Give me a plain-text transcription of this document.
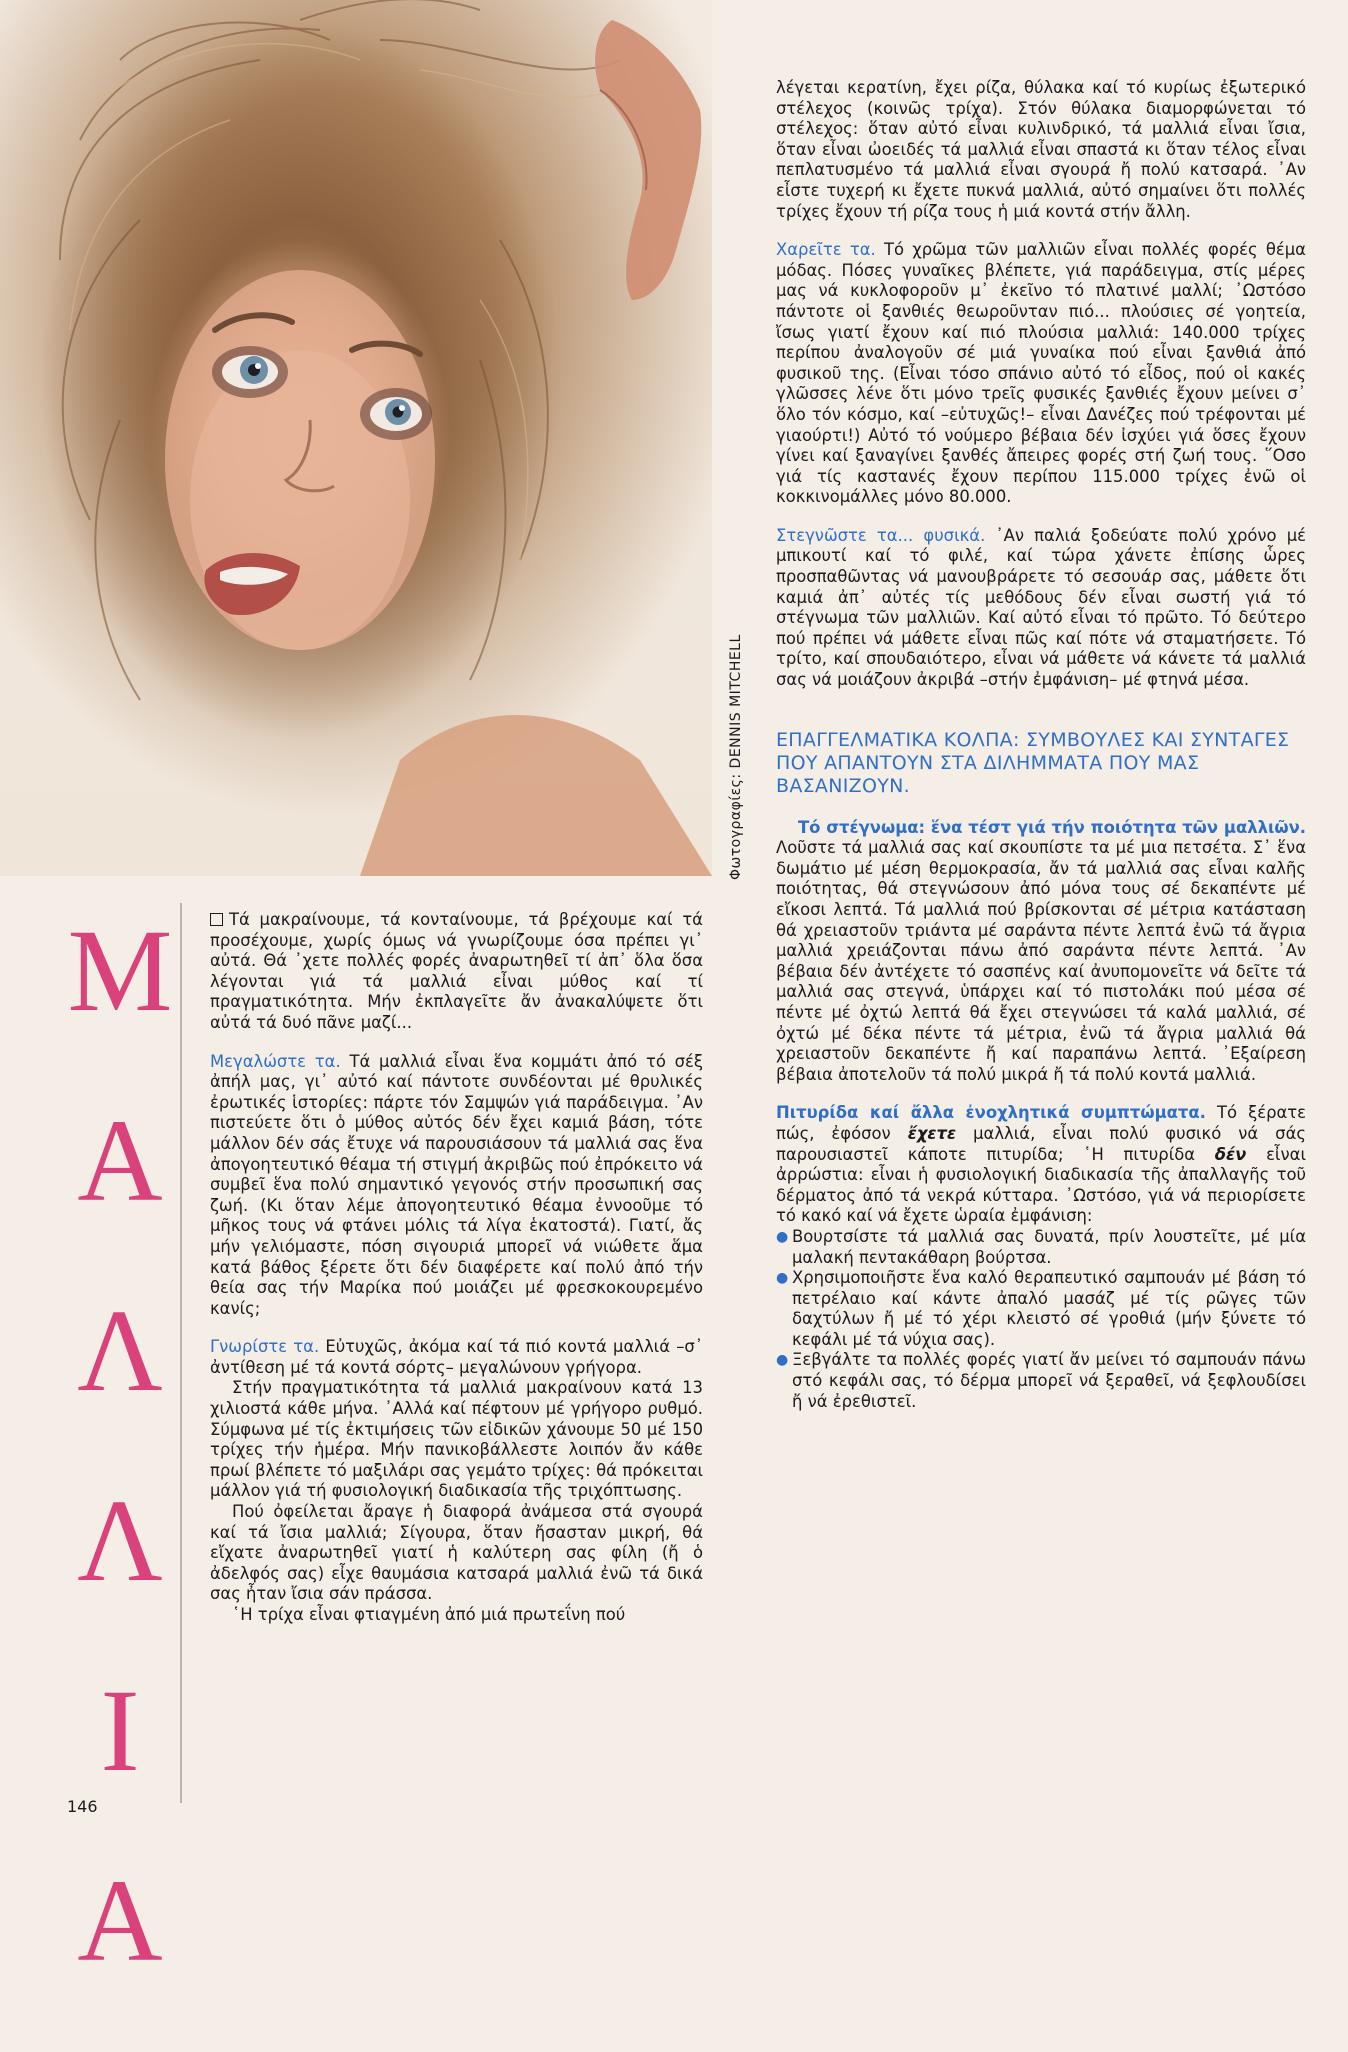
Φωτογραφίες: DENNIS MITCHELL
Μ
Α
Λ
Λ
Ι
Α

Τά μακραίνουμε, τά κονταίνουμε, τά βρέχουμε καί τά προσέχουμε, χωρίς όμως νά γνωρίζουμε όσα πρέπει γι᾽ αὐτά. Θά ᾽χετε πολλές φορές ἀναρωτηθεῖ τί ἀπ᾽ ὅλα ὅσα λέγονται γιά τά μαλλιά εἶναι μύθος καί τί πραγματικότητα. Μήν ἐκπλαγεῖτε ἄν ἀνακαλύψετε ὅτι αὐτά τά δυό πᾶνε μαζί...

Μεγαλώστε τα. Τά μαλλιά εἶναι ἕνα κομμάτι ἀπό τό σέξ ἀπήλ μας, γι᾽ αὐτό καί πάντοτε συνδέονται μέ θρυλικές ἐρωτικές ἱστορίες: πάρτε τόν Σαμψών γιά παράδειγμα. ᾽Αν πιστεύετε ὅτι ὁ μύθος αὐτός δέν ἔχει καμιά βάση, τότε μάλλον δέν σάς ἔτυχε νά παρουσιάσουν τά μαλλιά σας ἕνα ἀπογοητευτικό θέαμα τή στιγμή ἀκριβῶς πού ἐπρόκειτο νά συμβεῖ ἕνα πολύ σημαντικό γεγονός στήν προσωπική σας ζωή. (Κι ὅταν λέμε ἀπογοητευτικό θέαμα ἐννοοῦμε τό μῆκος τους νά φτάνει μόλις τά λίγα ἑκατοστά). Γιατί, ἄς μήν γελιόμαστε, πόση σιγουριά μπορεῖ νά νιώθετε ἅμα κατά βάθος ξέρετε ὅτι δέν διαφέρετε καί πολύ ἀπό τήν θεία σας τήν Μαρίκα πού μοιάζει μέ φρεσκοκουρεμένο κανίς;

Γνωρίστε τα. Εὐτυχῶς, ἀκόμα καί τά πιό κοντά μαλλιά –σ᾽ ἀντίθεση μέ τά κοντά σόρτς– μεγαλώνουν γρήγορα.

Στήν πραγματικότητα τά μαλλιά μακραίνουν κατά 13 χιλιοστά κάθε μήνα. ᾽Αλλά καί πέφτουν μέ γρήγορο ρυθμό. Σύμφωνα μέ τίς ἐκτιμήσεις τῶν εἰδικῶν χάνουμε 50 μέ 150 τρίχες τήν ἡμέρα. Μήν πανικοβάλλεστε λοιπόν ἄν κάθε πρωί βλέπετε τό μαξιλάρι σας γεμάτο τρίχες: θά πρόκειται μάλλον γιά τή φυσιολογική διαδικασία τῆς τριχόπτωσης.

Πού ὀφείλεται ἄραγε ἡ διαφορά ἀνάμεσα στά σγουρά καί τά ἴσια μαλλιά; Σίγουρα, ὅταν ἤσασταν μικρή, θά εἴχατε ἀναρωτηθεῖ γιατί ἡ καλύτερη σας φίλη (ἤ ὁ ἀδελφός σας) εἶχε θαυμάσια κατσαρά μαλλιά ἐνῶ τά δικά σας ἦταν ἴσια σάν πράσσα.

῾Η τρίχα εἶναι φτιαγμένη ἀπό μιά πρωτεΐνη πού

λέγεται κερατίνη, ἔχει ρίζα, θύλακα καί τό κυρίως ἐξωτερικό στέλεχος (κοινῶς τρίχα). Στόν θύλακα διαμορφώνεται τό στέλεχος: ὅταν αὐτό εἶναι κυλινδρικό, τά μαλλιά εἶναι ἴσια, ὅταν εἶναι ὠοειδές τά μαλλιά εἶναι σπαστά κι ὅταν τέλος εἶναι πεπλατυσμένο τά μαλλιά εἶναι σγουρά ἤ πολύ κατσαρά. ᾽Αν εἶστε τυχερή κι ἔχετε πυκνά μαλλιά, αὐτό σημαίνει ὅτι πολλές τρίχες ἔχουν τή ρίζα τους ἡ μιά κοντά στήν ἄλλη.

Χαρεῖτε τα. Τό χρῶμα τῶν μαλλιῶν εἶναι πολλές φορές θέμα μόδας. Πόσες γυναῖκες βλέπετε, γιά παράδειγμα, στίς μέρες μας νά κυκλοφοροῦν μ᾽ ἐκεῖνο τό πλατινέ μαλλί; ᾽Ωστόσο πάντοτε οἱ ξανθιές θεωροῦνταν πιό... πλούσιες σέ γοητεία, ἴσως γιατί ἔχουν καί πιό πλούσια μαλλιά: 140.000 τρίχες περίπου ἀναλογοῦν σέ μιά γυναίκα πού εἶναι ξανθιά ἀπό φυσικοῦ της. (Εἶναι τόσο σπάνιο αὐτό τό εἶδος, πού οἱ κακές γλῶσσες λένε ὅτι μόνο τρεῖς φυσικές ξανθιές ἔχουν μείνει σ᾽ ὅλο τόν κόσμο, καί –εὐτυχῶς!– εἶναι Δανέζες πού τρέφονται μέ γιαούρτι!) Αὐτό τό νούμερο βέβαια δέν ἰσχύει γιά ὅσες ἔχουν γίνει καί ξαναγίνει ξανθές ἄπειρες φορές στή ζωή τους. ῞Οσο γιά τίς καστανές ἔχουν περίπου 115.000 τρίχες ἐνῶ οἱ κοκκινομάλλες μόνο 80.000.

Στεγνῶστε τα... φυσικά. ᾽Αν παλιά ξοδεύατε πολύ χρόνο μέ μπικουτί καί τό φιλέ, καί τώρα χάνετε ἐπίσης ὧρες προσπαθῶντας νά μανουβράρετε τό σεσουάρ σας, μάθετε ὅτι καμιά ἀπ᾽ αὐτές τίς μεθόδους δέν εἶναι σωστή γιά τό στέγνωμα τῶν μαλλιῶν. Καί αὐτό εἶναι τό πρῶτο. Τό δεύτερο πού πρέπει νά μάθετε εἶναι πῶς καί πότε νά σταματήσετε. Τό τρίτο, καί σπουδαιότερο, εἶναι νά μάθετε νά κάνετε τά μαλλιά σας νά μοιάζουν ἀκριβά –στήν ἐμφάνιση– μέ φτηνά μέσα.

ΕΠΑΓΓΕΛΜΑΤΙΚΑ ΚΟΛΠΑ: ΣΥΜΒΟΥΛΕΣ ΚΑΙ ΣΥΝΤΑΓΕΣ ΠΟΥ ΑΠΑΝΤΟΥΝ ΣΤΑ ΔΙΛΗΜΜΑΤΑ ΠΟΥ ΜΑΣ ΒΑΣΑΝΙΖΟΥΝ.

Τό στέγνωμα: ἕνα τέστ γιά τήν ποιότητα τῶν μαλλιῶν. Λοῦστε τά μαλλιά σας καί σκουπίστε τα μέ μια πετσέτα. Σ᾽ ἕνα δωμάτιο μέ μέση θερμοκρασία, ἄν τά μαλλιά σας εἶναι καλῆς ποιότητας, θά στεγνώσουν ἀπό μόνα τους σέ δεκαπέντε μέ εἴκοσι λεπτά. Τά μαλλιά πού βρίσκονται σέ μέτρια κατάσταση θά χρειαστοῦν τριάντα μέ σαράντα πέντε λεπτά ἐνῶ τά ἄγρια μαλλιά χρειάζονται πάνω ἀπό σαράντα πέντε λεπτά. ᾽Αν βέβαια δέν ἀντέχετε τό σασπένς καί ἀνυπομονεῖτε νά δεῖτε τά μαλλιά σας στεγνά, ὑπάρχει καί τό πιστολάκι πού μέσα σέ πέντε μέ ὀχτώ λεπτά θά ἔχει στεγνώσει τά καλά μαλλιά, σέ ὀχτώ μέ δέκα πέντε τά μέτρια, ἐνῶ τά ἄγρια μαλλιά θά χρειαστοῦν δεκαπέντε ἤ καί παραπάνω λεπτά. ᾽Εξαίρεση βέβαια ἀποτελοῦν τά πολύ μικρά ἤ τά πολύ κοντά μαλλιά.

Πιτυρίδα καί ἄλλα ἐνοχλητικά συμπτώματα. Τό ξέρατε πώς, ἐφόσον ἔχετε μαλλιά, εἶναι πολύ φυσικό νά σάς παρουσιαστεῖ κάποτε πιτυρίδα; ῾Η πιτυρίδα δέν εἶναι ἀρρώστια: εἶναι ἡ φυσιολογική διαδικασία τῆς ἀπαλλαγῆς τοῦ δέρματος ἀπό τά νεκρά κύτταρα. ᾽Ωστόσο, γιά νά περιορίσετε τό κακό καί νά ἔχετε ὡραία ἐμφάνιση:

● Βουρτσίστε τά μαλλιά σας δυνατά, πρίν λουστεῖτε, μέ μία μαλακή πεντακάθαρη βούρτσα.
● Χρησιμοποιῆστε ἕνα καλό θεραπευτικό σαμπουάν μέ βάση τό πετρέλαιο καί κάντε ἀπαλό μασάζ μέ τίς ρῶγες τῶν δαχτύλων ἤ μέ τό χέρι κλειστό σέ γροθιά (μήν ξύνετε τό κεφάλι μέ τά νύχια σας).
● Ξεβγάλτε τα πολλές φορές γιατί ἄν μείνει τό σαμπουάν πάνω στό κεφάλι σας, τό δέρμα μπορεῖ νά ξεραθεῖ, νά ξεφλουδίσει ἤ νά ἐρεθιστεῖ.
146
